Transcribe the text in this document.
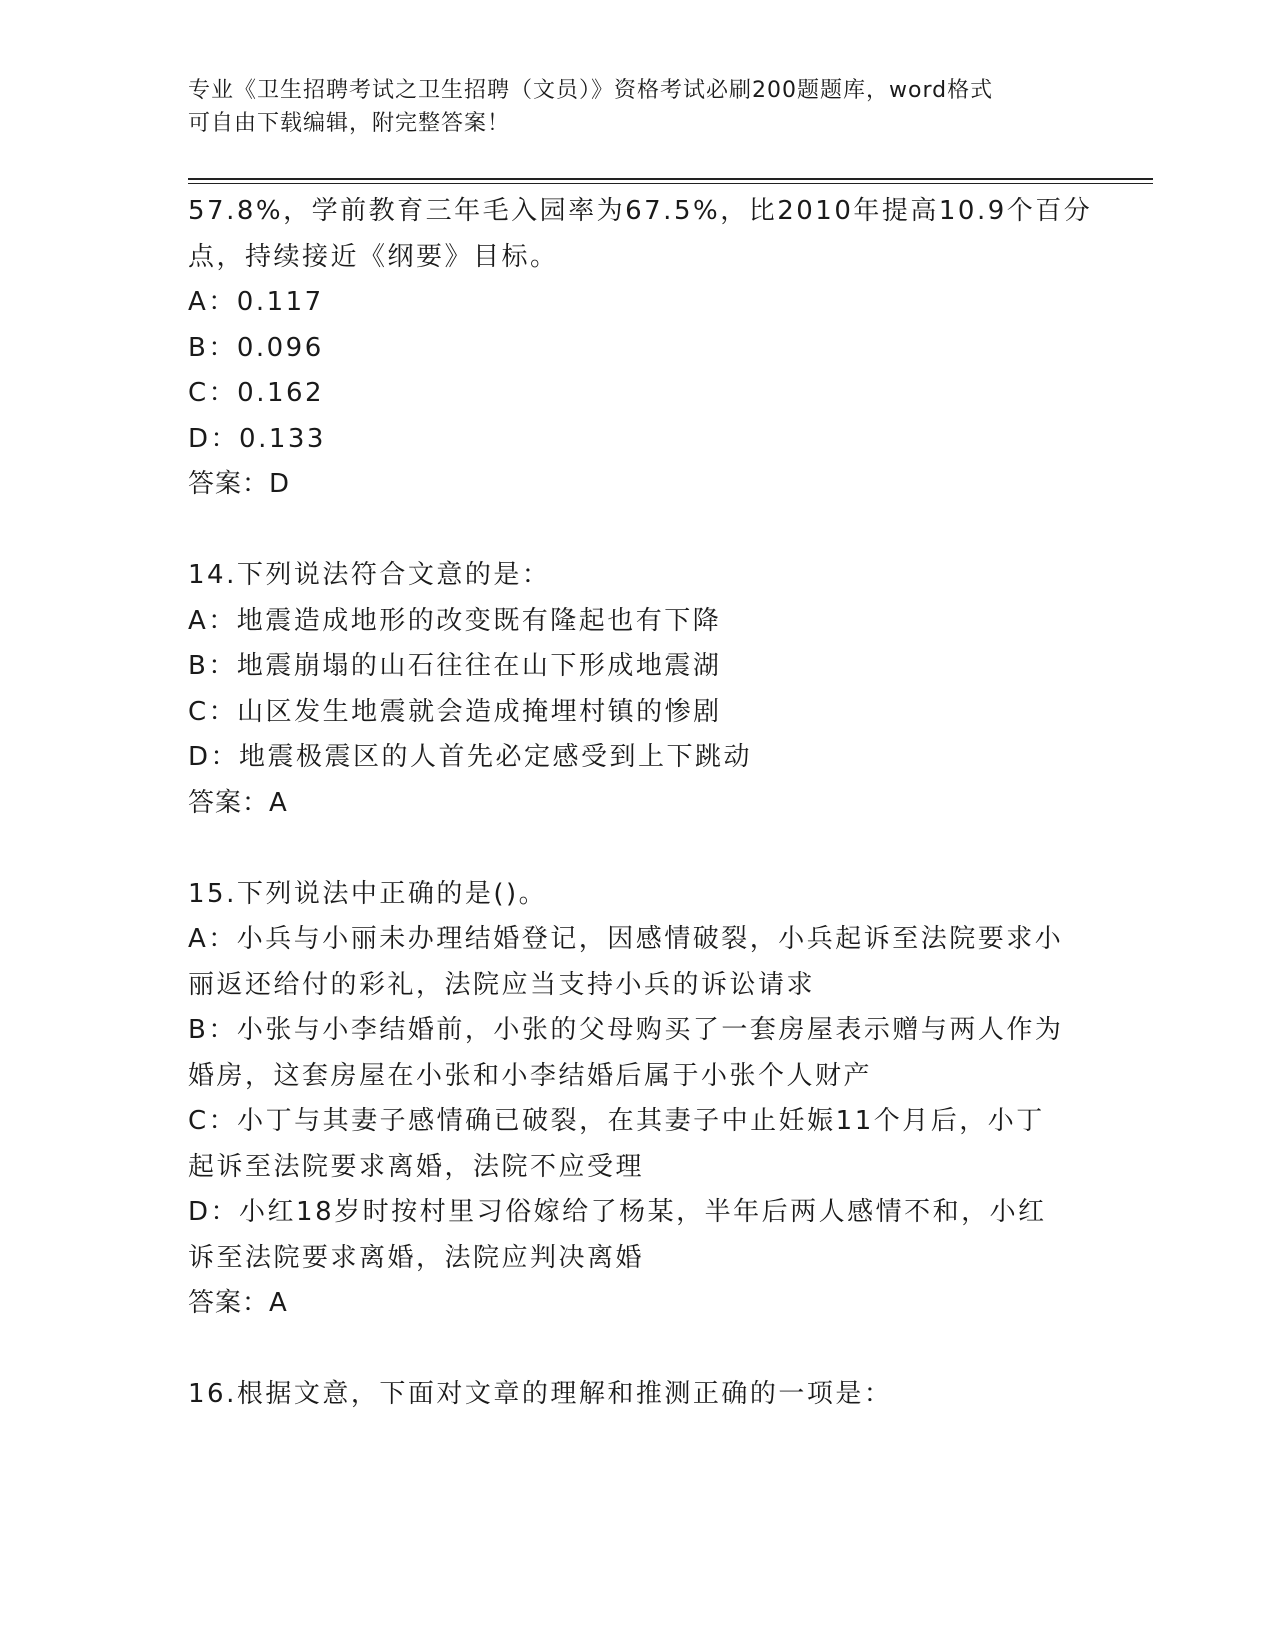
专业《卫生招聘考试之卫生招聘（文员）》资格考试必刷200题题库，word格式
可自由下载编辑，附完整答案！
57.8%，学前教育三年毛入园率为67.5%，比2010年提高10.9个百分
点，持续接近《纲要》目标。
A：0.117
B：0.096
C：0.162
D：0.133
答案：D
14.下列说法符合文意的是：
A：地震造成地形的改变既有隆起也有下降
B：地震崩塌的山石往往在山下形成地震湖
C：山区发生地震就会造成掩埋村镇的惨剧
D：地震极震区的人首先必定感受到上下跳动
答案：A
15.下列说法中正确的是()。
A：小兵与小丽未办理结婚登记，因感情破裂，小兵起诉至法院要求小
丽返还给付的彩礼，法院应当支持小兵的诉讼请求
B：小张与小李结婚前，小张的父母购买了一套房屋表示赠与两人作为
婚房，这套房屋在小张和小李结婚后属于小张个人财产
C：小丁与其妻子感情确已破裂，在其妻子中止妊娠11个月后，小丁
起诉至法院要求离婚，法院不应受理
D：小红18岁时按村里习俗嫁给了杨某，半年后两人感情不和，小红
诉至法院要求离婚，法院应判决离婚
答案：A
16.根据文意，下面对文章的理解和推测正确的一项是：
